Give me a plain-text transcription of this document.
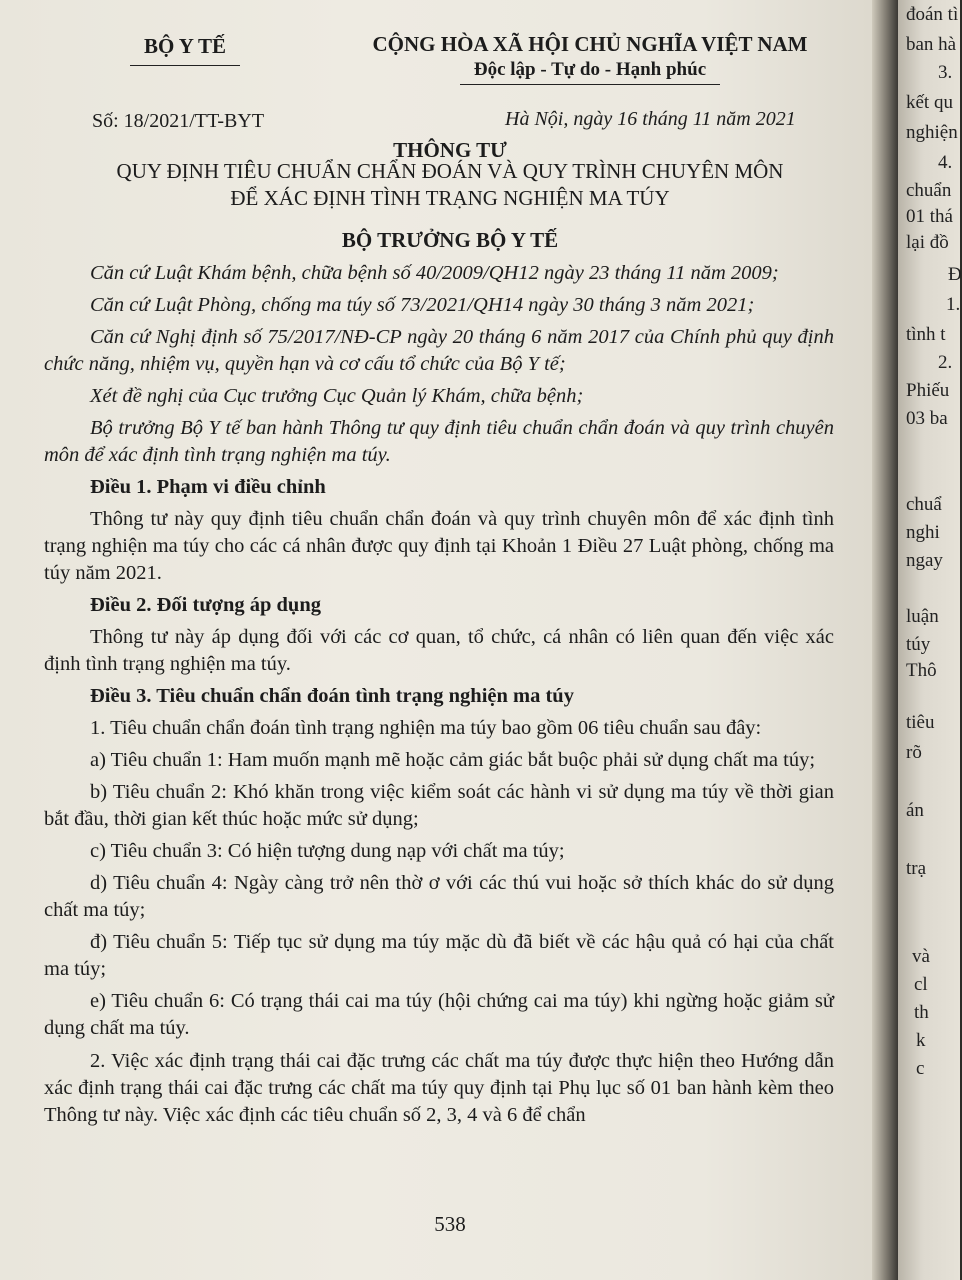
BỘ Y TẾ	CỘNG HÒA XÃ HỘI CHỦ NGHĨA VIỆT NAM
Độc lập - Tự do - Hạnh phúc
Số: 18/2021/TT-BYT	Hà Nội, ngày 16 tháng 11 năm 2021
THÔNG TƯ
QUY ĐỊNH TIÊU CHUẨN CHẨN ĐOÁN VÀ QUY TRÌNH CHUYÊN MÔN
ĐỂ XÁC ĐỊNH TÌNH TRẠNG NGHIỆN MA TÚY
BỘ TRƯỞNG BỘ Y TẾ

Căn cứ Luật Khám bệnh, chữa bệnh số 40/2009/QH12 ngày 23 tháng 11 năm 2009;

Căn cứ Luật Phòng, chống ma túy số 73/2021/QH14 ngày 30 tháng 3 năm 2021;

Căn cứ Nghị định số 75/2017/NĐ-CP ngày 20 tháng 6 năm 2017 của Chính phủ quy định chức năng, nhiệm vụ, quyền hạn và cơ cấu tổ chức của Bộ Y tế;

Xét đề nghị của Cục trưởng Cục Quản lý Khám, chữa bệnh;

Bộ trưởng Bộ Y tế ban hành Thông tư quy định tiêu chuẩn chẩn đoán và quy trình chuyên môn để xác định tình trạng nghiện ma túy.

Điều 1. Phạm vi điều chỉnh

Thông tư này quy định tiêu chuẩn chẩn đoán và quy trình chuyên môn để xác định tình trạng nghiện ma túy cho các cá nhân được quy định tại Khoản 1 Điều 27 Luật phòng, chống ma túy năm 2021.

Điều 2. Đối tượng áp dụng

Thông tư này áp dụng đối với các cơ quan, tổ chức, cá nhân có liên quan đến việc xác định tình trạng nghiện ma túy.

Điều 3. Tiêu chuẩn chẩn đoán tình trạng nghiện ma túy

1. Tiêu chuẩn chẩn đoán tình trạng nghiện ma túy bao gồm 06 tiêu chuẩn sau đây:

a) Tiêu chuẩn 1: Ham muốn mạnh mẽ hoặc cảm giác bắt buộc phải sử dụng chất ma túy;

b) Tiêu chuẩn 2: Khó khăn trong việc kiểm soát các hành vi sử dụng ma túy về thời gian bắt đầu, thời gian kết thúc hoặc mức sử dụng;

c) Tiêu chuẩn 3: Có hiện tượng dung nạp với chất ma túy;

d) Tiêu chuẩn 4: Ngày càng trở nên thờ ơ với các thú vui hoặc sở thích khác do sử dụng chất ma túy;

đ) Tiêu chuẩn 5: Tiếp tục sử dụng ma túy mặc dù đã biết về các hậu quả có hại của chất ma túy;

e) Tiêu chuẩn 6: Có trạng thái cai ma túy (hội chứng cai ma túy) khi ngừng hoặc giảm sử dụng chất ma túy.

2. Việc xác định trạng thái cai đặc trưng các chất ma túy được thực hiện theo Hướng dẫn xác định trạng thái cai đặc trưng các chất ma túy quy định tại Phụ lục số 01 ban hành kèm theo Thông tư này. Việc xác định các tiêu chuẩn số 2, 3, 4 và 6 để chẩn

538
đoán tì
ban hà
3.
kết qu
nghiện
4.
chuẩn
01 thá
lại đồ
Đ
1.
tình t
2.
Phiếu
03 ba
chuẩ
nghi
ngay
luận
túy
Thô
tiêu
rõ
án
trạ
và
cl
th
k
c
